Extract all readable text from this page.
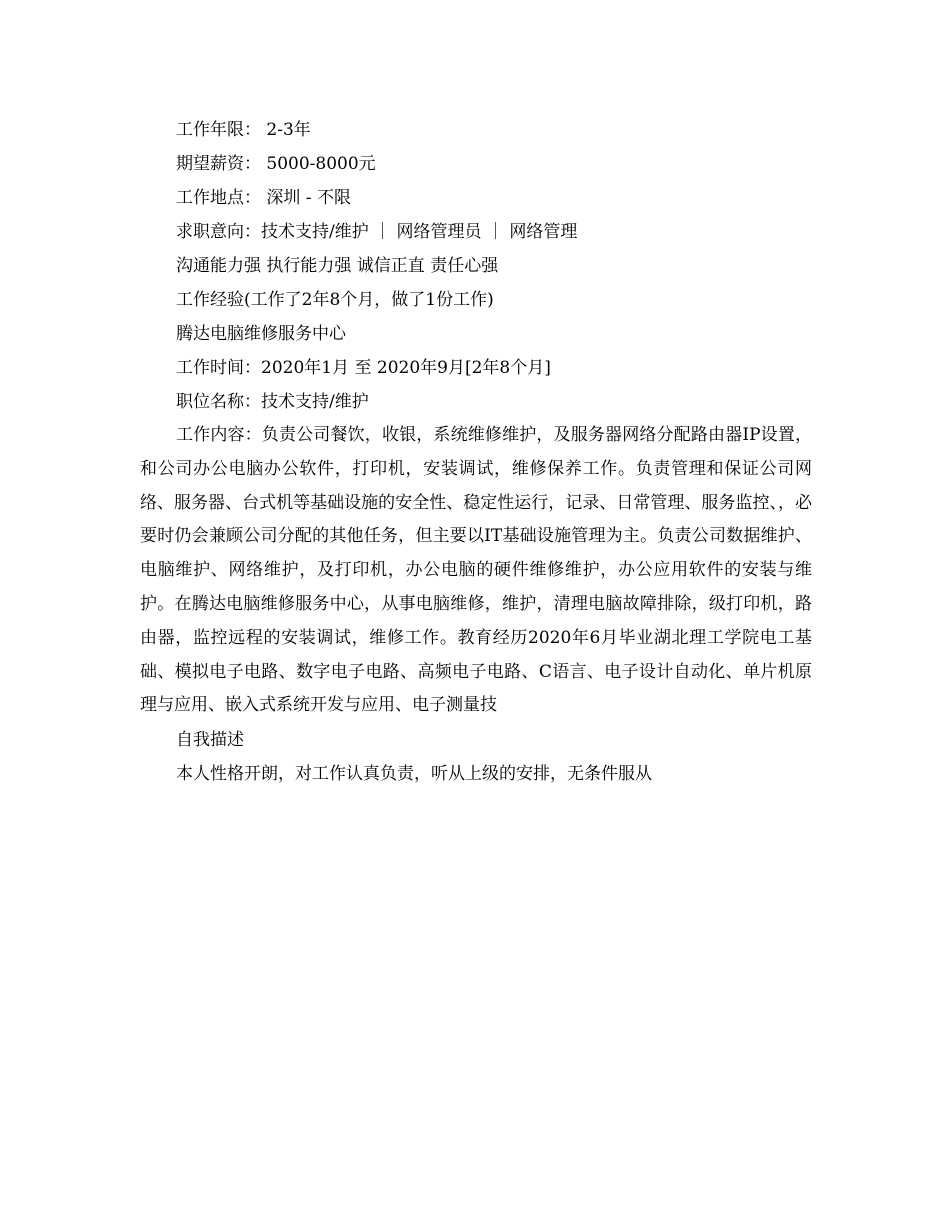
工作年限： 2-3年
期望薪资： 5000-8000元
工作地点： 深圳 - 不限
求职意向：技术支持/维护 ｜ 网络管理员 ｜ 网络管理
沟通能力强 执行能力强 诚信正直 责任心强
工作经验(工作了2年8个月，做了1份工作)
腾达电脑维修服务中心
工作时间：2020年1月 至 2020年9月[2年8个月]
职位名称：技术支持/维护
工作内容：负责公司餐饮，收银，系统维修维护，及服务器网络分配路由器IP设置，和公司办公电脑办公软件，打印机，安装调试，维修保养工作。负责管理和保证公司网络、服务器、台式机等基础设施的安全性、稳定性运行，记录、日常管理、服务监控、，必要时仍会兼顾公司分配的其他任务，但主要以IT基础设施管理为主。负责公司数据维护、电脑维护、网络维护，及打印机，办公电脑的硬件维修维护，办公应用软件的安装与维护。在腾达电脑维修服务中心，从事电脑维修，维护，清理电脑故障排除，级打印机，路由器，监控远程的安装调试，维修工作。教育经历2020年6月毕业湖北理工学院电工基础、模拟电子电路、数字电子电路、高频电子电路、C语言、电子设计自动化、单片机原理与应用、嵌入式系统开发与应用、电子测量技
自我描述
本人性格开朗，对工作认真负责，听从上级的安排，无条件服从
